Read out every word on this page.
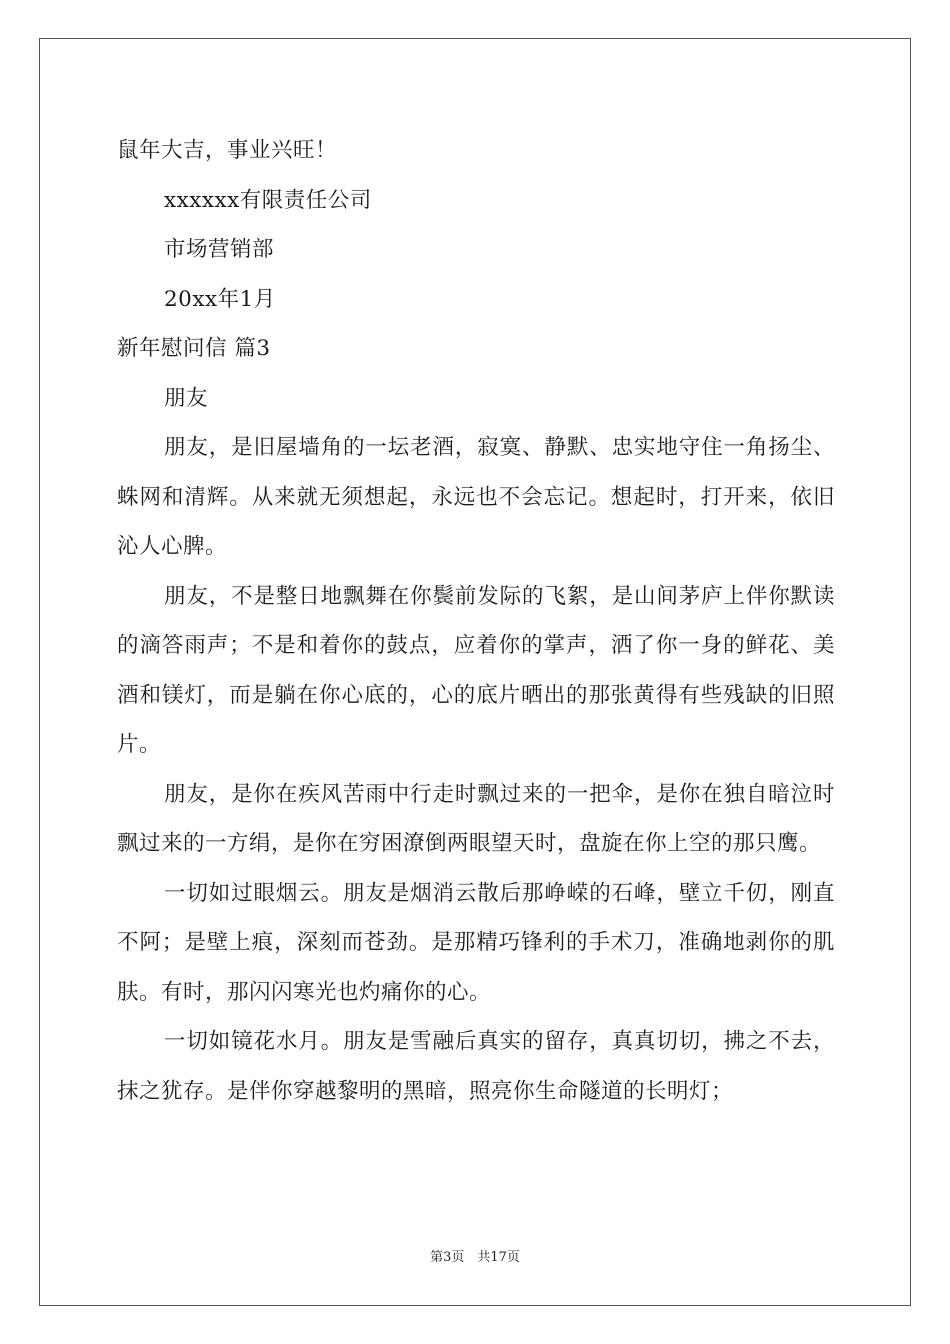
鼠年大吉，事业兴旺！

xxxxxx有限责任公司

市场营销部

20xx年1月

新年慰问信 篇3

朋友

朋友，是旧屋墙角的一坛老酒，寂寞、静默、忠实地守住一角扬尘、蛛网和清辉。从来就无须想起，永远也不会忘记。想起时，打开来，依旧沁人心脾。

朋友，不是整日地飘舞在你鬓前发际的飞絮，是山间茅庐上伴你默读的滴答雨声；不是和着你的鼓点，应着你的掌声，洒了你一身的鲜花、美酒和镁灯，而是躺在你心底的，心的底片晒出的那张黄得有些残缺的旧照片。

朋友，是你在疾风苦雨中行走时飘过来的一把伞，是你在独自暗泣时飘过来的一方绢，是你在穷困潦倒两眼望天时，盘旋在你上空的那只鹰。

一切如过眼烟云。朋友是烟消云散后那峥嵘的石峰，壁立千仞，刚直不阿；是壁上痕，深刻而苍劲。是那精巧锋利的手术刀，准确地剥你的肌肤。有时，那闪闪寒光也灼痛你的心。

一切如镜花水月。朋友是雪融后真实的留存，真真切切，拂之不去，抹之犹存。是伴你穿越黎明的黑暗，照亮你生命隧道的长明灯；

第3页　共17页
